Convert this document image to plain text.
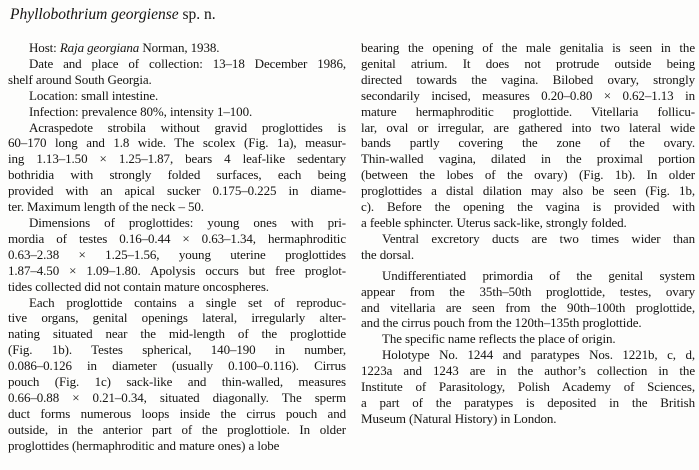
Phyllobothrium georgiense sp. n.
Host: Raja georgiana Norman, 1938.
Date and place of collection: 13–18 December 1986,
shelf around South Georgia.
Location: small intestine.
Infection: prevalence 80%, intensity 1–100.
Acraspedote strobila without gravid proglottides is
60–170 long and 1.8 wide. The scolex (Fig. 1a), measur-
ing 1.13–1.50 × 1.25–1.87, bears 4 leaf-like sedentary
bothridia with strongly folded surfaces, each being
provided with an apical sucker 0.175–0.225 in diame-
ter. Maximum length of the neck – 50.
Dimensions of proglottides: young ones with pri-
mordia of testes 0.16–0.44 × 0.63–1.34, hermaphroditic
0.63–2.38 × 1.25–1.56, young uterine proglottides
1.87–4.50 × 1.09–1.80. Apolysis occurs but free proglot-
tides collected did not contain mature oncospheres.
Each proglottide contains a single set of reproduc-
tive organs, genital openings lateral, irregularly alter-
nating situated near the mid-length of the proglottide
(Fig. 1b). Testes spherical, 140–190 in number,
0.086–0.126 in diameter (usually 0.100–0.116). Cirrus
pouch (Fig. 1c) sack-like and thin-walled, measures
0.66–0.88 × 0.21–0.34, situated diagonally. The sperm
duct forms numerous loops inside the cirrus pouch and
outside, in the anterior part of the proglottiole. In older
proglottides (hermaphroditic and mature ones) a lobe
bearing the opening of the male genitalia is seen in the
genital atrium. It does not protrude outside being
directed towards the vagina. Bilobed ovary, strongly
secondarily incised, measures 0.20–0.80 × 0.62–1.13 in
mature hermaphroditic proglottide. Vitellaria follicu-
lar, oval or irregular, are gathered into two lateral wide
bands partly covering the zone of the ovary.
Thin-walled vagina, dilated in the proximal portion
(between the lobes of the ovary) (Fig. 1b). In older
proglottides a distal dilation may also be seen (Fig. 1b,
c). Before the opening the vagina is provided with
a feeble sphincter. Uterus sack-like, strongly folded.
Ventral excretory ducts are two times wider than
the dorsal.
Undifferentiated primordia of the genital system
appear from the 35th–50th proglottide, testes, ovary
and vitellaria are seen from the 90th–100th proglottide,
and the cirrus pouch from the 120th–135th proglottide.
The specific name reflects the place of origin.
Holotype No. 1244 and paratypes Nos. 1221b, c, d,
1223a and 1243 are in the author’s collection in the
Institute of Parasitology, Polish Academy of Sciences,
a part of the paratypes is deposited in the British
Museum (Natural History) in London.
